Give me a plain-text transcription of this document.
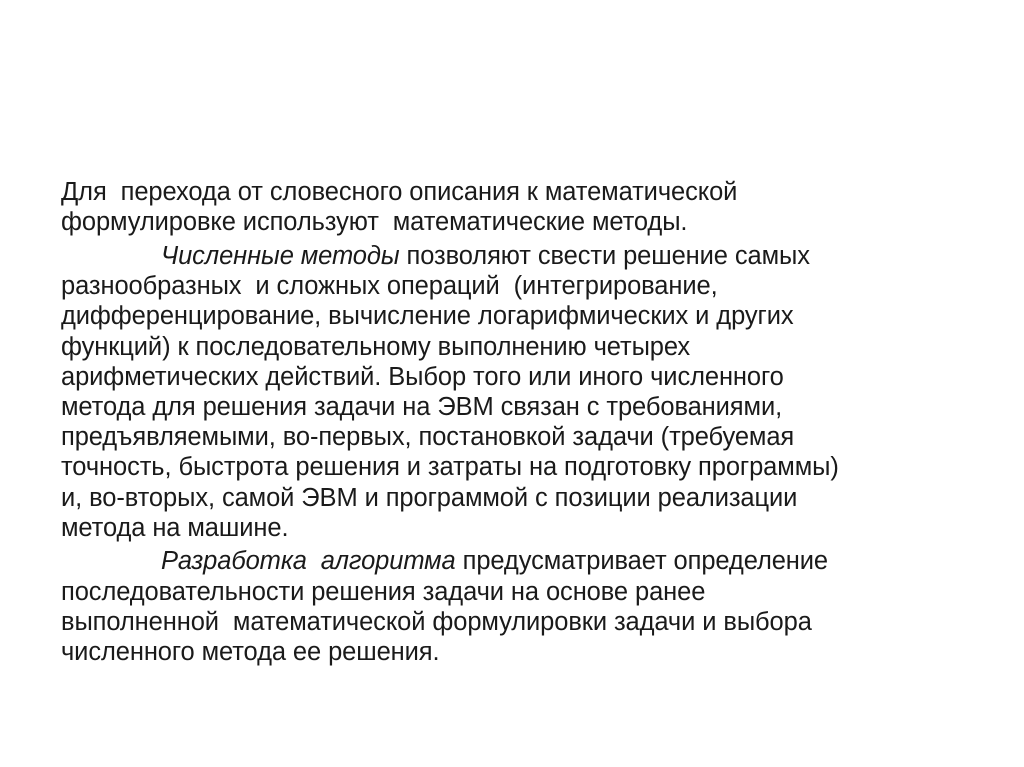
Для  перехода от словесного описания к математической
формулировке используют  математические методы.

Численные методы позволяют свести решение самых
разнообразных  и сложных операций  (интегрирование,
дифференцирование, вычисление логарифмических и других
функций) к последовательному выполнению четырех
арифметических действий. Выбор того или иного численного
метода для решения задачи на ЭВМ связан с требованиями,
предъявляемыми, во-первых, постановкой задачи (требуемая
точность, быстрота решения и затраты на подготовку программы)
и, во-вторых, самой ЭВМ и программой с позиции реализации
метода на машине.

Разработка  алгоритма предусматривает определение
последовательности решения задачи на основе ранее
выполненной  математической формулировки задачи и выбора
численного метода ее решения.
